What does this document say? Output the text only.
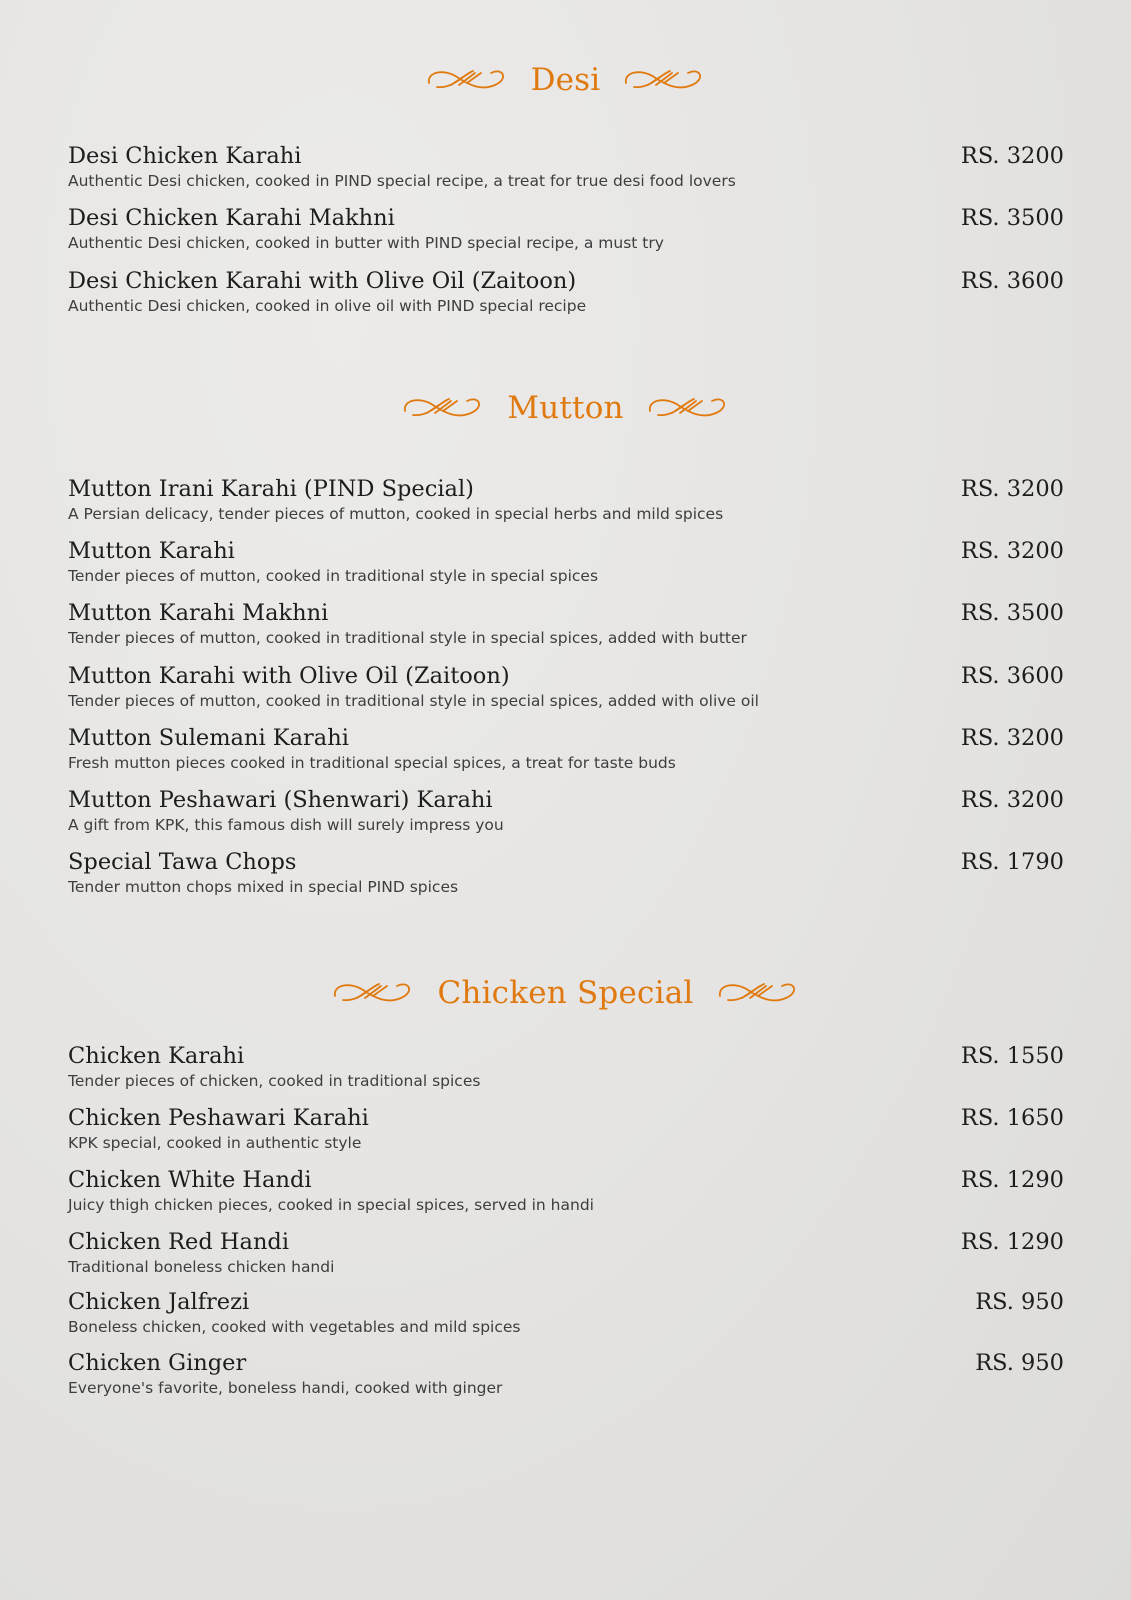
Desi
Desi Chicken Karahi	RS. 3200
Authentic Desi chicken, cooked in PIND special recipe, a treat for true desi food lovers
Desi Chicken Karahi Makhni	RS. 3500
Authentic Desi chicken, cooked in butter with PIND special recipe, a must try
Desi Chicken Karahi with Olive Oil (Zaitoon)	RS. 3600
Authentic Desi chicken, cooked in olive oil with PIND special recipe
Mutton
Mutton Irani Karahi (PIND Special)	RS. 3200
A Persian delicacy, tender pieces of mutton, cooked in special herbs and mild spices
Mutton Karahi	RS. 3200
Tender pieces of mutton, cooked in traditional style in special spices
Mutton Karahi Makhni	RS. 3500
Tender pieces of mutton, cooked in traditional style in special spices, added with butter
Mutton Karahi with Olive Oil (Zaitoon)	RS. 3600
Tender pieces of mutton, cooked in traditional style in special spices, added with olive oil
Mutton Sulemani Karahi	RS. 3200
Fresh mutton pieces cooked in traditional special spices, a treat for taste buds
Mutton Peshawari (Shenwari) Karahi	RS. 3200
A gift from KPK, this famous dish will surely impress you
Special Tawa Chops	RS. 1790
Tender mutton chops mixed in special PIND spices
Chicken Special
Chicken Karahi	RS. 1550
Tender pieces of chicken, cooked in traditional spices
Chicken Peshawari Karahi	RS. 1650
KPK special, cooked in authentic style
Chicken White Handi	RS. 1290
Juicy thigh chicken pieces, cooked in special spices, served in handi
Chicken Red Handi	RS. 1290
Traditional boneless chicken handi
Chicken Jalfrezi	RS. 950
Boneless chicken, cooked with vegetables and mild spices
Chicken Ginger	RS. 950
Everyone's favorite, boneless handi, cooked with ginger
